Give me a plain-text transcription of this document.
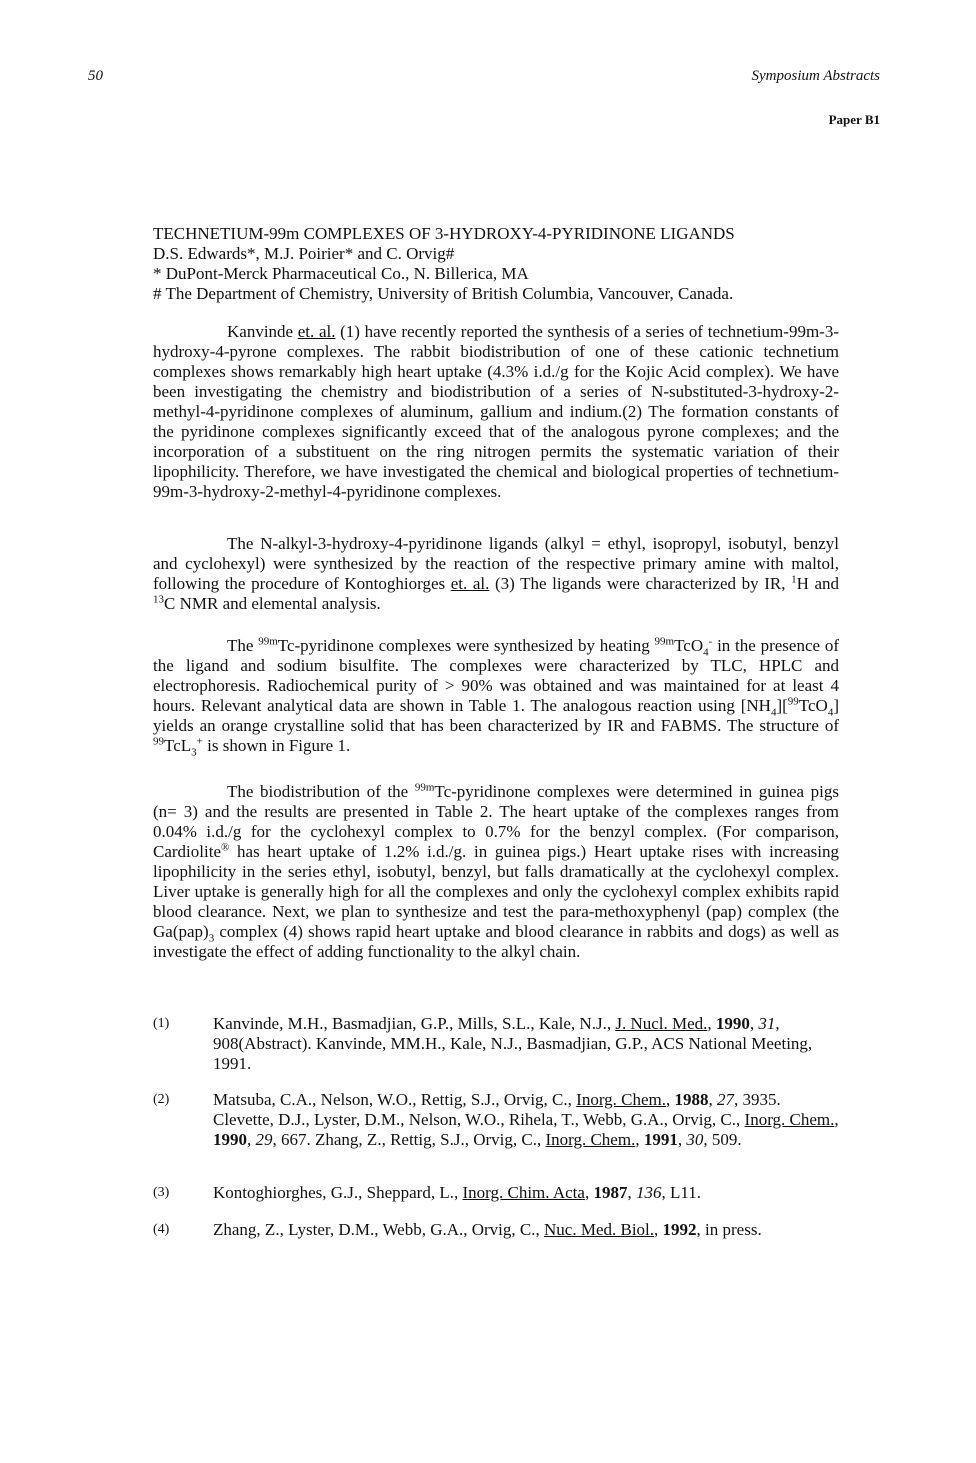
50	Symposium Abstracts
Paper B1
TECHNETIUM-99m COMPLEXES OF 3-HYDROXY-4-PYRIDINONE LIGANDS
D.S. Edwards*, M.J. Poirier* and C. Orvig#
* DuPont-Merck Pharmaceutical Co., N. Billerica, MA
# The Department of Chemistry, University of British Columbia, Vancouver, Canada.
Kanvinde et. al. (1) have recently reported the synthesis of a series of technetium-99m-3-hydroxy-4-pyrone complexes. The rabbit biodistribution of one of these cationic technetium complexes shows remarkably high heart uptake (4.3% i.d./g for the Kojic Acid complex). We have been investigating the chemistry and biodistribution of a series of N-substituted-3-hydroxy-2-methyl-4-pyridinone complexes of aluminum, gallium and indium.(2) The formation constants of the pyridinone complexes significantly exceed that of the analogous pyrone complexes; and the incorporation of a substituent on the ring nitrogen permits the systematic variation of their lipophilicity. Therefore, we have investigated the chemical and biological properties of technetium-99m-3-hydroxy-2-methyl-4-pyridinone complexes.
The N-alkyl-3-hydroxy-4-pyridinone ligands (alkyl = ethyl, isopropyl, isobutyl, benzyl and cyclohexyl) were synthesized by the reaction of the respective primary amine with maltol, following the procedure of Kontoghiorges et. al. (3) The ligands were characterized by IR, $^1$H and $^{13}$C NMR and elemental analysis.
The $^{99m}$Tc-pyridinone complexes were synthesized by heating $^{99m}$TcO$_4$- in the presence of the ligand and sodium bisulfite. The complexes were characterized by TLC, HPLC and electrophoresis. Radiochemical purity of > 90% was obtained and was maintained for at least 4 hours. Relevant analytical data are shown in Table 1. The analogous reaction using $[NH_4][^{99}TcO_4]$ yields an orange crystalline solid that has been characterized by IR and FABMS. The structure of $^{99}$TcL$_3$+ is shown in Figure 1.
The biodistribution of the $^{99m}$Tc-pyridinone complexes were determined in guinea pigs (n= 3) and the results are presented in Table 2. The heart uptake of the complexes ranges from 0.04% i.d./g for the cyclohexyl complex to 0.7% for the benzyl complex. (For comparison, Cardiolite® has heart uptake of 1.2% i.d./g. in guinea pigs.) Heart uptake rises with increasing lipophilicity in the series ethyl, isobutyl, benzyl, but falls dramatically at the cyclohexyl complex. Liver uptake is generally high for all the complexes and only the cyclohexyl complex exhibits rapid blood clearance. Next, we plan to synthesize and test the para-methoxyphenyl (pap) complex (the $Ga(pap)_3$ complex (4) shows rapid heart uptake and blood clearance in rabbits and dogs) as well as investigate the effect of adding functionality to the alkyl chain.
(1)	Kanvinde, M.H., Basmadjian, G.P., Mills, S.L., Kale, N.J., J. Nucl. Med., 1990, 31, 908(Abstract). Kanvinde, MM.H., Kale, N.J., Basmadjian, G.P., ACS National Meeting, 1991.
(2)	Matsuba, C.A., Nelson, W.O., Rettig, S.J., Orvig, C., Inorg. Chem., 1988, 27, 3935. Clevette, D.J., Lyster, D.M., Nelson, W.O., Rihela, T., Webb, G.A., Orvig, C., Inorg. Chem., 1990, 29, 667. Zhang, Z., Rettig, S.J., Orvig, C., Inorg. Chem., 1991, 30, 509.
(3)	Kontoghiorghes, G.J., Sheppard, L., Inorg. Chim. Acta, 1987, 136, L11.
(4)	Zhang, Z., Lyster, D.M., Webb, G.A., Orvig, C., Nuc. Med. Biol., 1992, in press.
